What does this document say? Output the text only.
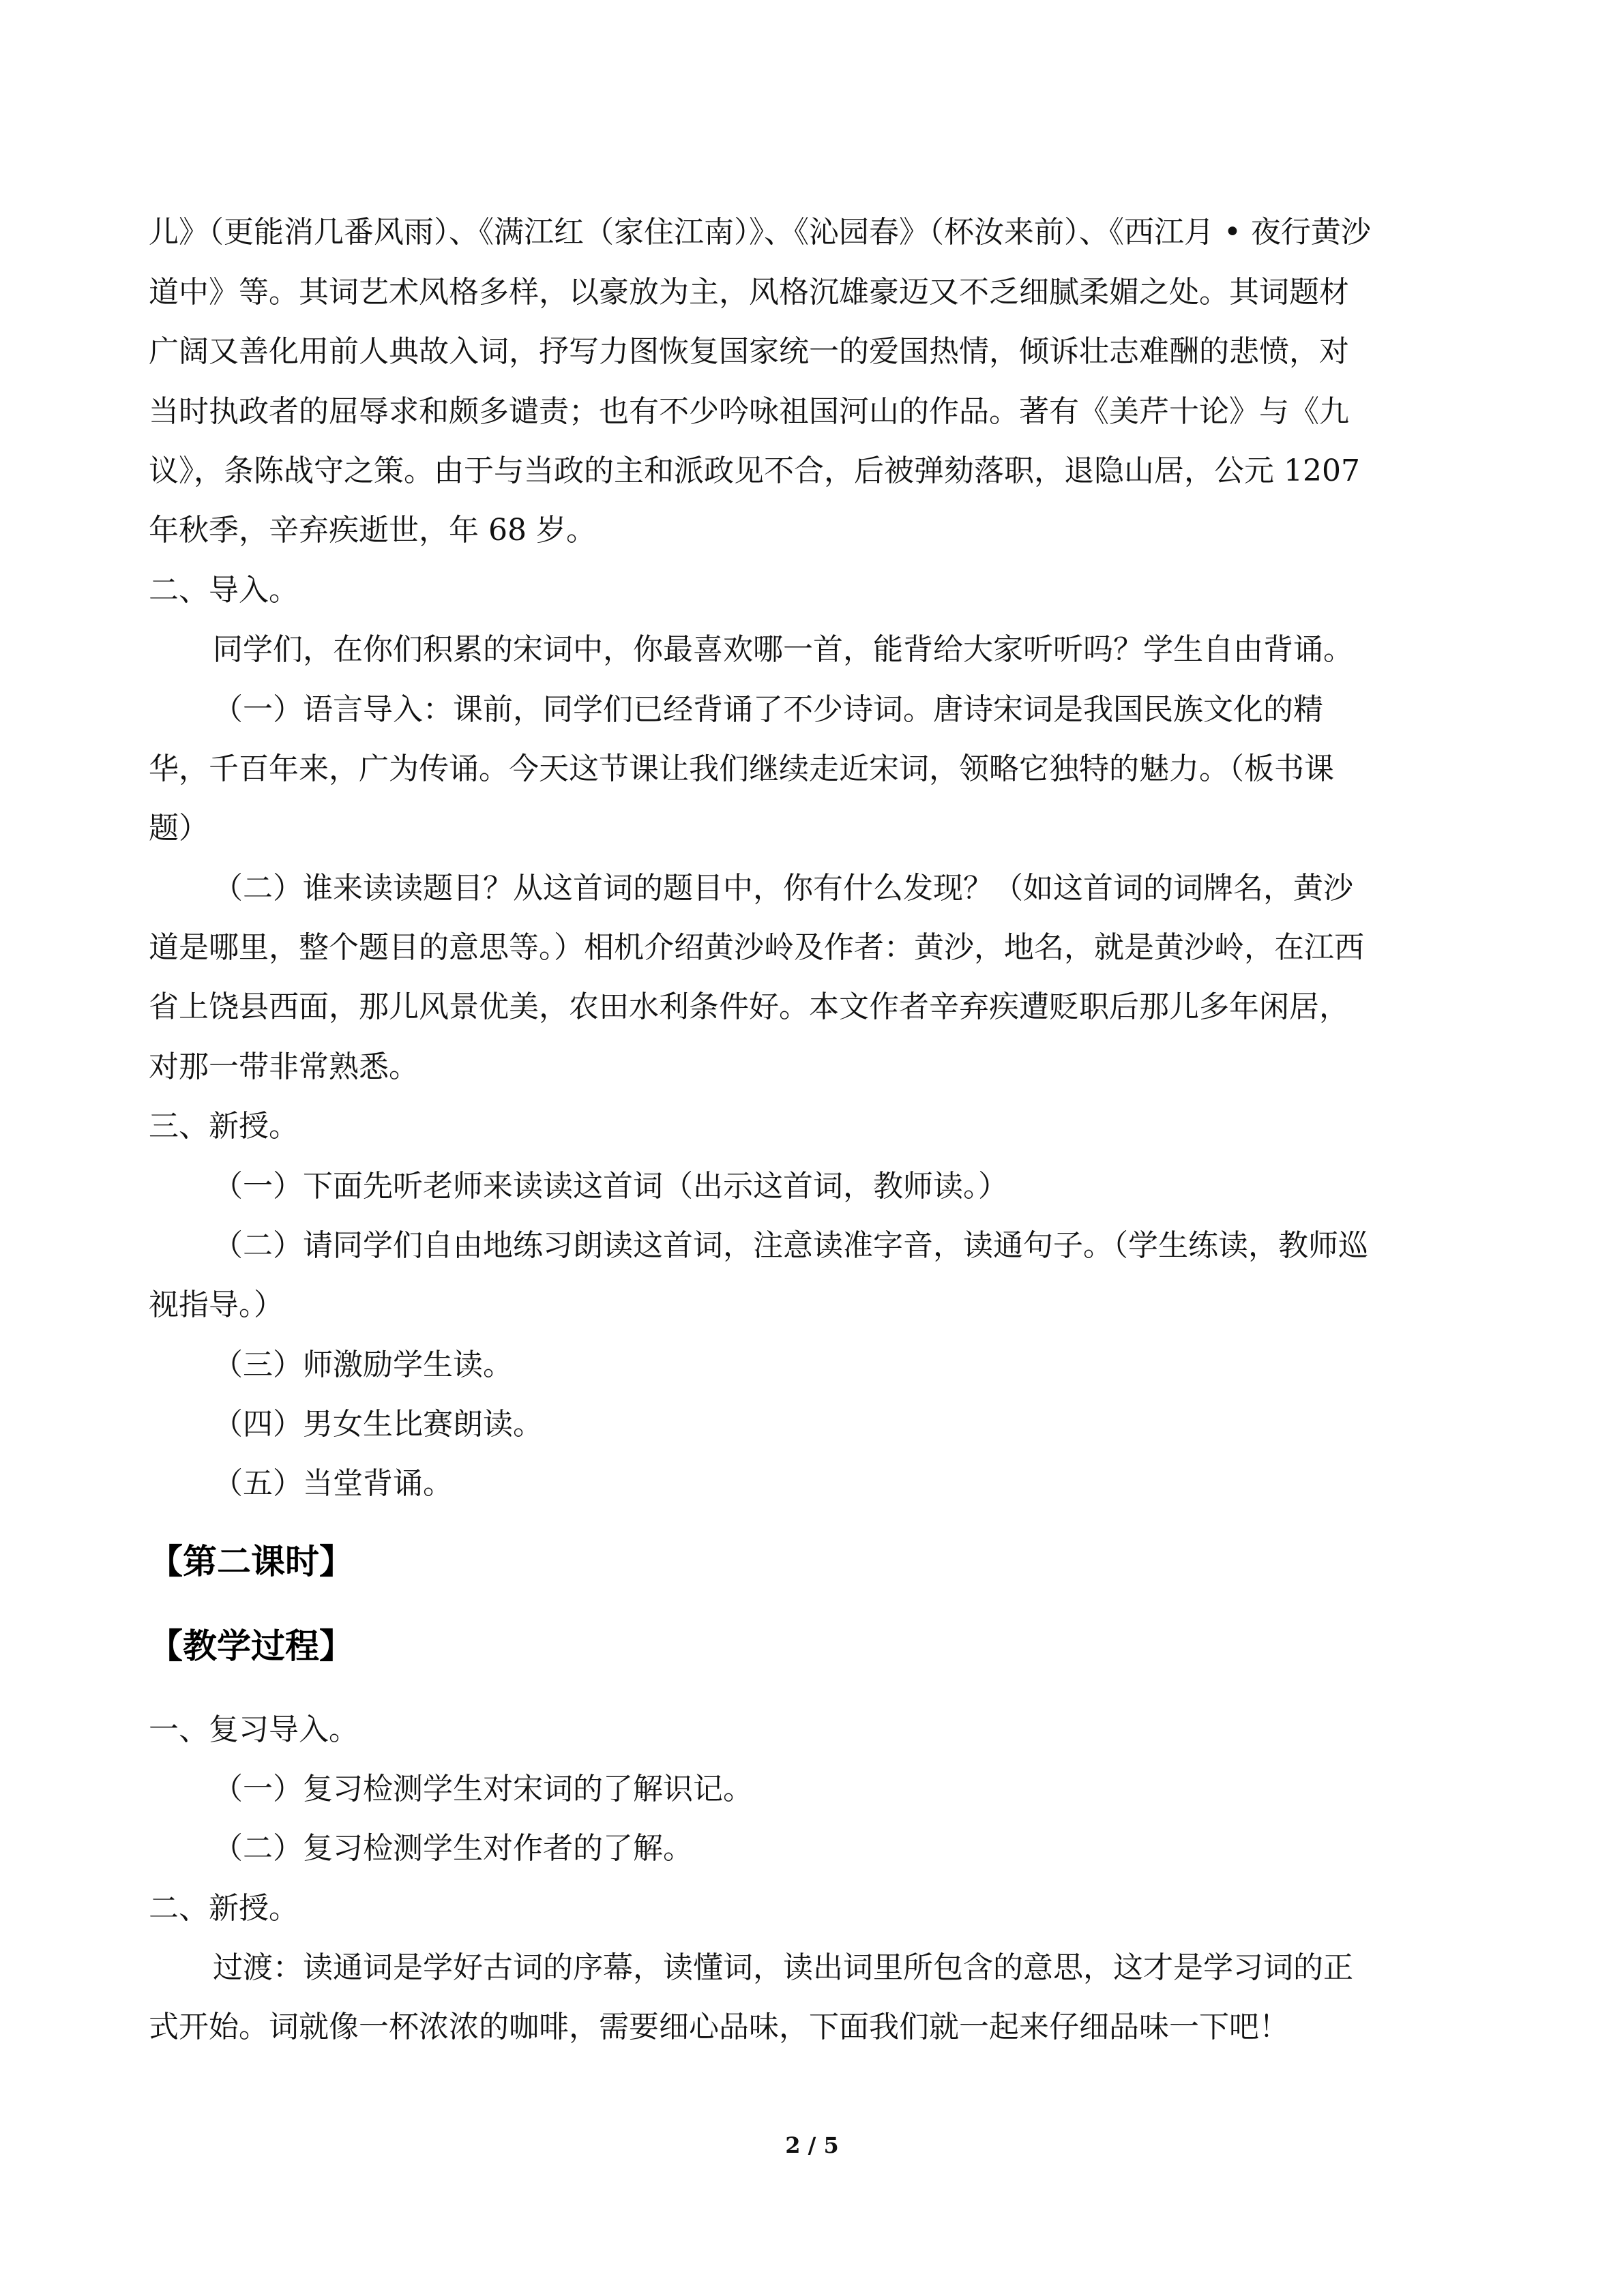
儿》（更能消几番风雨）、《满江红（家住江南）》、《沁园春》（杯汝来前）、《西江月 • 夜行黄沙
道中》等。其词艺术风格多样，以豪放为主，风格沉雄豪迈又不乏细腻柔媚之处。其词题材
广阔又善化用前人典故入词，抒写力图恢复国家统一的爱国热情，倾诉壮志难酬的悲愤，对
当时执政者的屈辱求和颇多谴责；也有不少吟咏祖国河山的作品。著有《美芹十论》与《九
议》，条陈战守之策。由于与当政的主和派政见不合，后被弹劾落职，退隐山居，公元 1207
年秋季，辛弃疾逝世，年 68 岁。
二、导入。
同学们，在你们积累的宋词中，你最喜欢哪一首，能背给大家听听吗？学生自由背诵。
（一）语言导入：课前，同学们已经背诵了不少诗词。唐诗宋词是我国民族文化的精
华，千百年来，广为传诵。今天这节课让我们继续走近宋词，领略它独特的魅力。（板书课
题）
（二）谁来读读题目？从这首词的题目中，你有什么发现？（如这首词的词牌名，黄沙
道是哪里，整个题目的意思等。）相机介绍黄沙岭及作者：黄沙，地名，就是黄沙岭，在江西
省上饶县西面，那儿风景优美，农田水利条件好。本文作者辛弃疾遭贬职后那儿多年闲居，
对那一带非常熟悉。
三、新授。
（一）下面先听老师来读读这首词（出示这首词，教师读。）
（二）请同学们自由地练习朗读这首词，注意读准字音，读通句子。（学生练读，教师巡
视指导。）
（三）师激励学生读。
（四）男女生比赛朗读。
（五）当堂背诵。
【第二课时】
【教学过程】
一、复习导入。
（一）复习检测学生对宋词的了解识记。
（二）复习检测学生对作者的了解。
二、新授。
过渡：读通词是学好古词的序幕，读懂词，读出词里所包含的意思，这才是学习词的正
式开始。词就像一杯浓浓的咖啡，需要细心品味，下面我们就一起来仔细品味一下吧！
2 / 5
